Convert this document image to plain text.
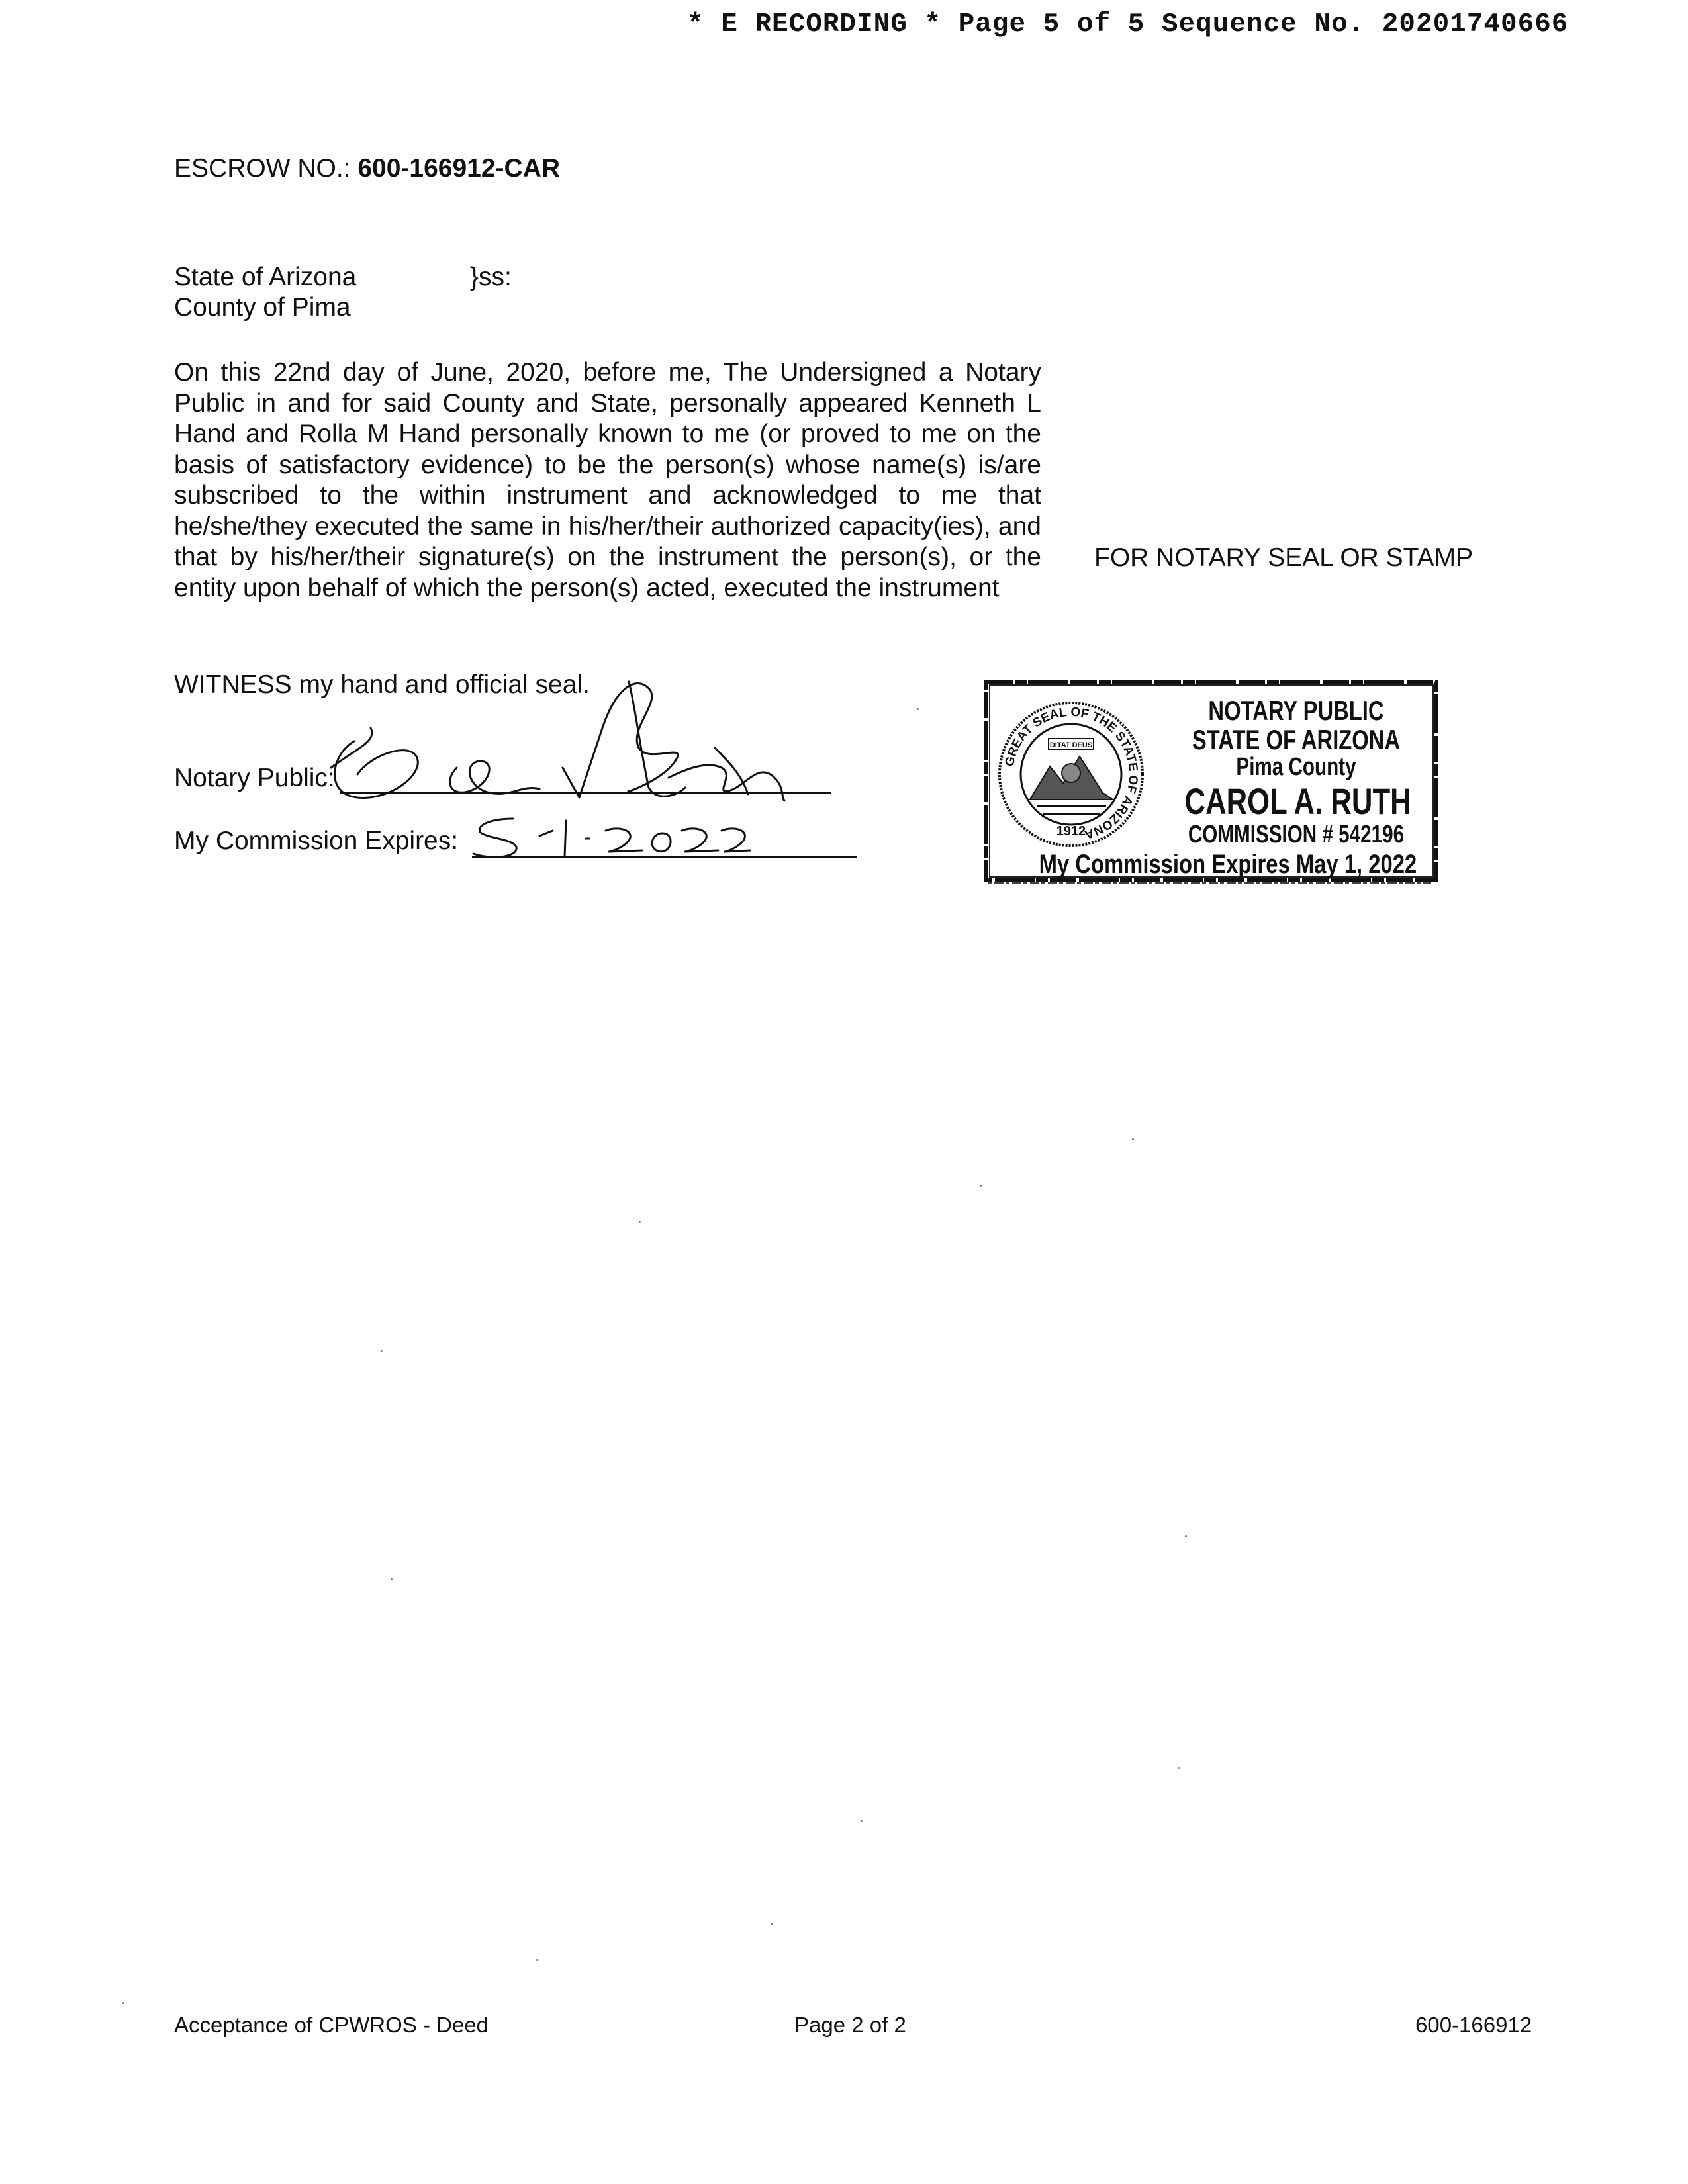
* E RECORDING * Page 5 of 5 Sequence No. 20201740666
ESCROW NO.: 600-166912-CAR
State of Arizona	}ss:
County of Pima
On this 22nd day of June, 2020, before me, The Undersigned a Notary Public in and for said County and State, personally appeared Kenneth L Hand and Rolla M Hand personally known to me (or proved to me on the basis of satisfactory evidence) to be the person(s) whose name(s) is/are subscribed to the within instrument and acknowledged to me that he/she/they executed the same in his/her/their authorized capacity(ies), and that by his/her/their signature(s) on the instrument the person(s), or the entity upon behalf of which the person(s) acted, executed the instrument
FOR NOTARY SEAL OR STAMP
WITNESS my hand and official seal.
Notary Public:
My Commission Expires:
GREAT SEAL OF THE STATE OF ARIZONA
DITAT DEUS
1912
NOTARY PUBLIC
STATE OF ARIZONA
Pima County
CAROL A. RUTH
COMMISSION # 542196
My Commission Expires May 1, 2022
Acceptance of CPWROS - Deed	Page 2 of 2	600-166912
